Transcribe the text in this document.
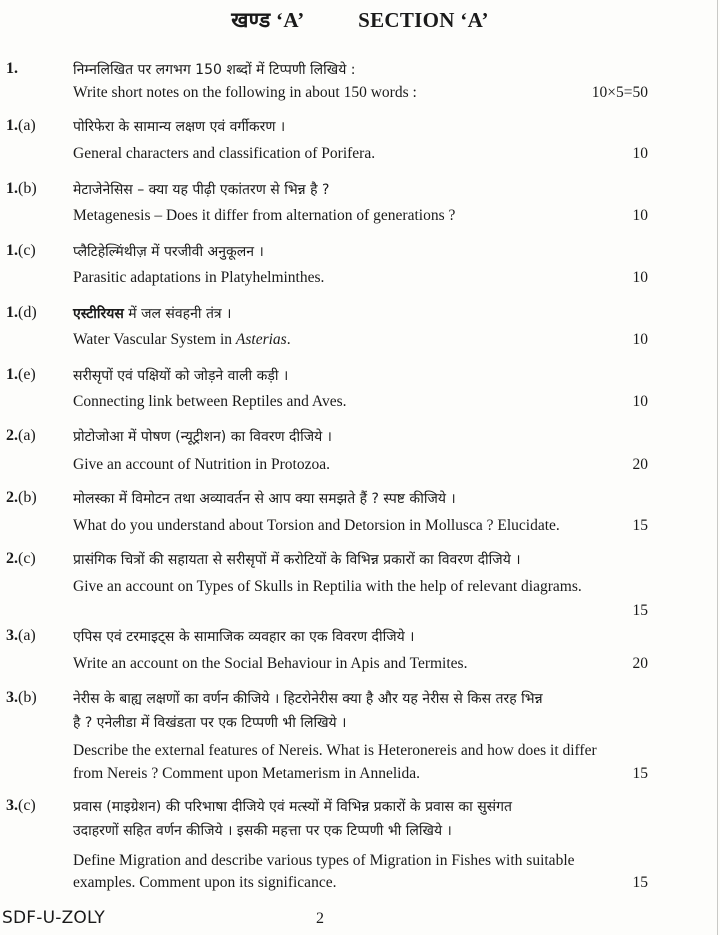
खण्ड ‘A’	SECTION ‘A’
1.	निम्नलिखित पर लगभग 150 शब्दों में टिप्पणी लिखिये :
Write short notes on the following in about 150 words :	10×5=50
1.(a)	पोरिफेरा के सामान्य लक्षण एवं वर्गीकरण ।
General characters and classification of Porifera.	10
1.(b)	मेटाजेनेसिस – क्या यह पीढ़ी एकांतरण से भिन्न है ?
Metagenesis – Does it differ from alternation of generations ?	10
1.(c)	प्लैटिहेल्मिंथीज़ में परजीवी अनुकूलन ।
Parasitic adaptations in Platyhelminthes.	10
1.(d)	एस्टीरियस में जल संवहनी तंत्र ।
Water Vascular System in Asterias.	10
1.(e)	सरीसृपों एवं पक्षियों को जोड़ने वाली कड़ी ।
Connecting link between Reptiles and Aves.	10
2.(a)	प्रोटोजोआ में पोषण (न्यूट्रीशन) का विवरण दीजिये ।
Give an account of Nutrition in Protozoa.	20
2.(b)	मोलस्का में विमोटन तथा अव्यावर्तन से आप क्या समझते हैं ? स्पष्ट कीजिये ।
What do you understand about Torsion and Detorsion in Mollusca ? Elucidate.	15
2.(c)	प्रासंगिक चित्रों की सहायता से सरीसृपों में करोटियों के विभिन्न प्रकारों का विवरण दीजिये ।
Give an account on Types of Skulls in Reptilia with the help of relevant diagrams.
15
3.(a)	एपिस एवं टरमाइट्स के सामाजिक व्यवहार का एक विवरण दीजिये ।
Write an account on the Social Behaviour in Apis and Termites.	20
3.(b)	नेरीस के बाह्य लक्षणों का वर्णन कीजिये । हिटरोनेरीस क्या है और यह नेरीस से किस तरह भिन्न
है ? एनेलीडा में विखंडता पर एक टिप्पणी भी लिखिये ।
Describe the external features of Nereis. What is Heteronereis and how does it differ
from Nereis ? Comment upon Metamerism in Annelida.	15
3.(c)	प्रवास (माइग्रेशन) की परिभाषा दीजिये एवं मत्स्यों में विभिन्न प्रकारों के प्रवास का सुसंगत
उदाहरणों सहित वर्णन कीजिये । इसकी महत्ता पर एक टिप्पणी भी लिखिये ।
Define Migration and describe various types of Migration in Fishes with suitable
examples. Comment upon its significance.	15
SDF-U-ZOLY	2
